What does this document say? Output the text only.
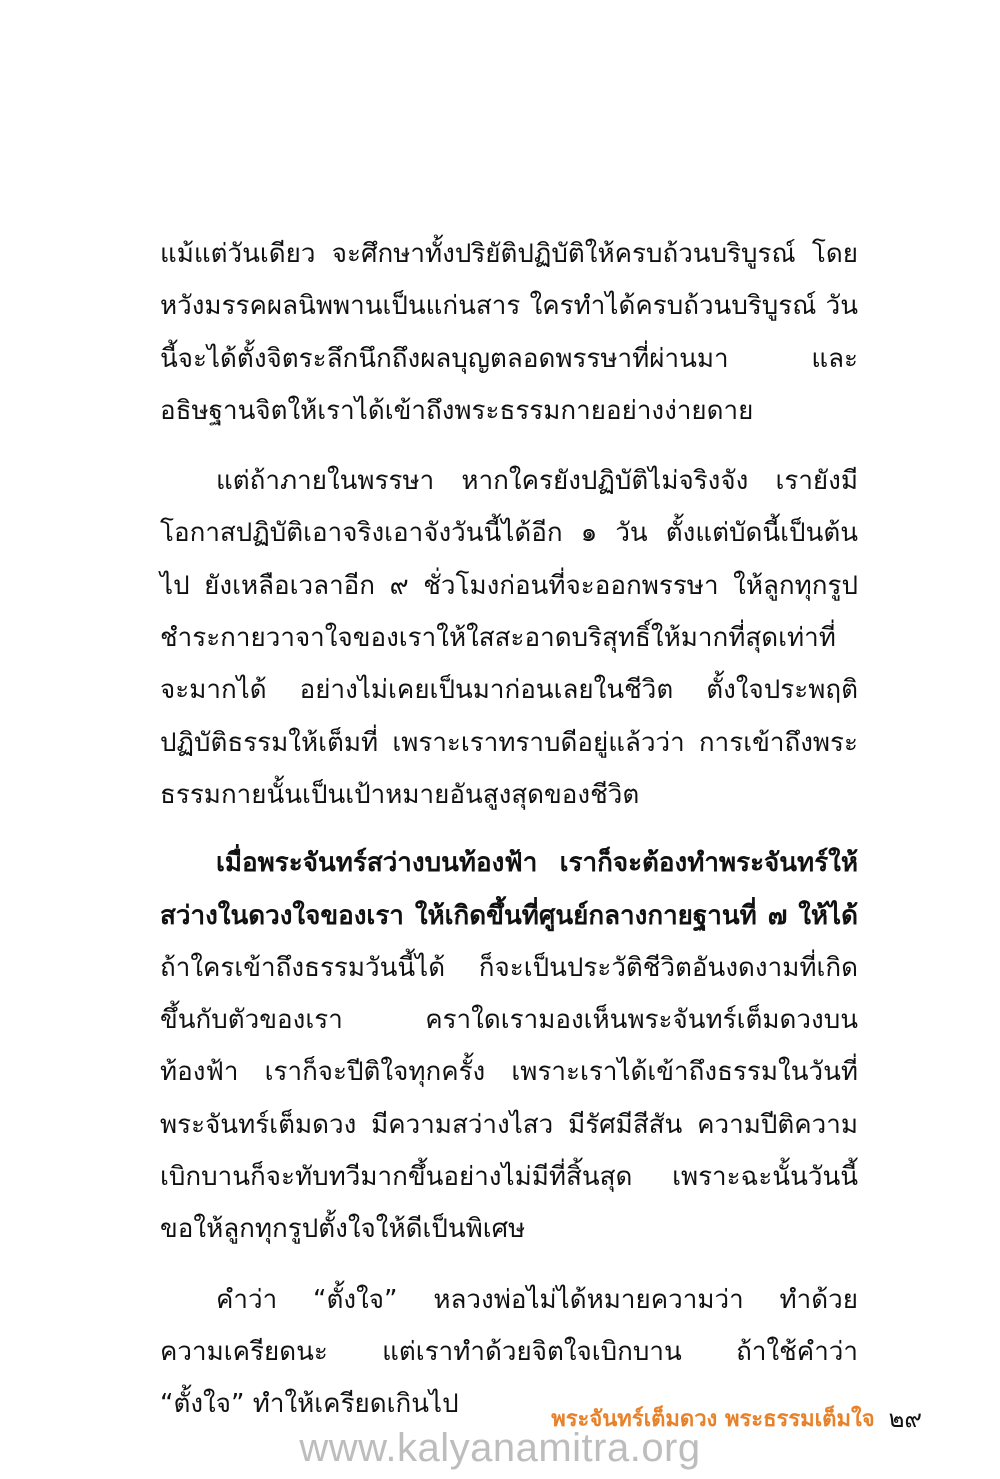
แม้แต่วันเดียว จะศึกษาทั้งปริยัติปฏิบัติให้ครบถ้วนบริบูรณ์ โดยหวังมรรคผลนิพพานเป็นแก่นสาร ใครทำได้ครบถ้วนบริบูรณ์ วันนี้จะได้ตั้งจิตระลึกนึกถึงผลบุญตลอดพรรษาที่ผ่านมา และอธิษฐานจิตให้เราได้เข้าถึงพระธรรมกายอย่างง่ายดาย

แต่ถ้าภายในพรรษา หากใครยังปฏิบัติไม่จริงจัง เรายังมีโอกาสปฏิบัติเอาจริงเอาจังวันนี้ได้อีก ๑ วัน ตั้งแต่บัดนี้เป็นต้นไป ยังเหลือเวลาอีก ๙ ชั่วโมงก่อนที่จะออกพรรษา ให้ลูกทุกรูปชำระกายวาจาใจของเราให้ใสสะอาดบริสุทธิ์ให้มากที่สุดเท่าที่จะมากได้ อย่างไม่เคยเป็นมาก่อนเลยในชีวิต ตั้งใจประพฤติปฏิบัติธรรมให้เต็มที่ เพราะเราทราบดีอยู่แล้วว่า การเข้าถึงพระธรรมกายนั้นเป็นเป้าหมายอันสูงสุดของชีวิต

เมื่อพระจันทร์สว่างบนท้องฟ้า เราก็จะต้องทำพระจันทร์ให้สว่างในดวงใจของเรา ให้เกิดขึ้นที่ศูนย์กลางกายฐานที่ ๗ ให้ได้ ถ้าใครเข้าถึงธรรมวันนี้ได้ ก็จะเป็นประวัติชีวิตอันงดงามที่เกิดขึ้นกับตัวของเรา คราใดเรามองเห็นพระจันทร์เต็มดวงบนท้องฟ้า เราก็จะปีติใจทุกครั้ง เพราะเราได้เข้าถึงธรรมในวันที่พระจันทร์เต็มดวง มีความสว่างไสว มีรัศมีสีสัน ความปีติความเบิกบานก็จะทับทวีมากขึ้นอย่างไม่มีที่สิ้นสุด เพราะฉะนั้นวันนี้ขอให้ลูกทุกรูปตั้งใจให้ดีเป็นพิเศษ

คำว่า “ตั้งใจ” หลวงพ่อไม่ได้หมายความว่า ทำด้วยความเครียดนะ แต่เราทำด้วยจิตใจเบิกบาน ถ้าใช้คำว่า “ตั้งใจ” ทำให้เครียดเกินไป	พระจันทร์เต็มดวง พระธรรมเต็มใจ ๒๙
www.kalyanamitra.org
